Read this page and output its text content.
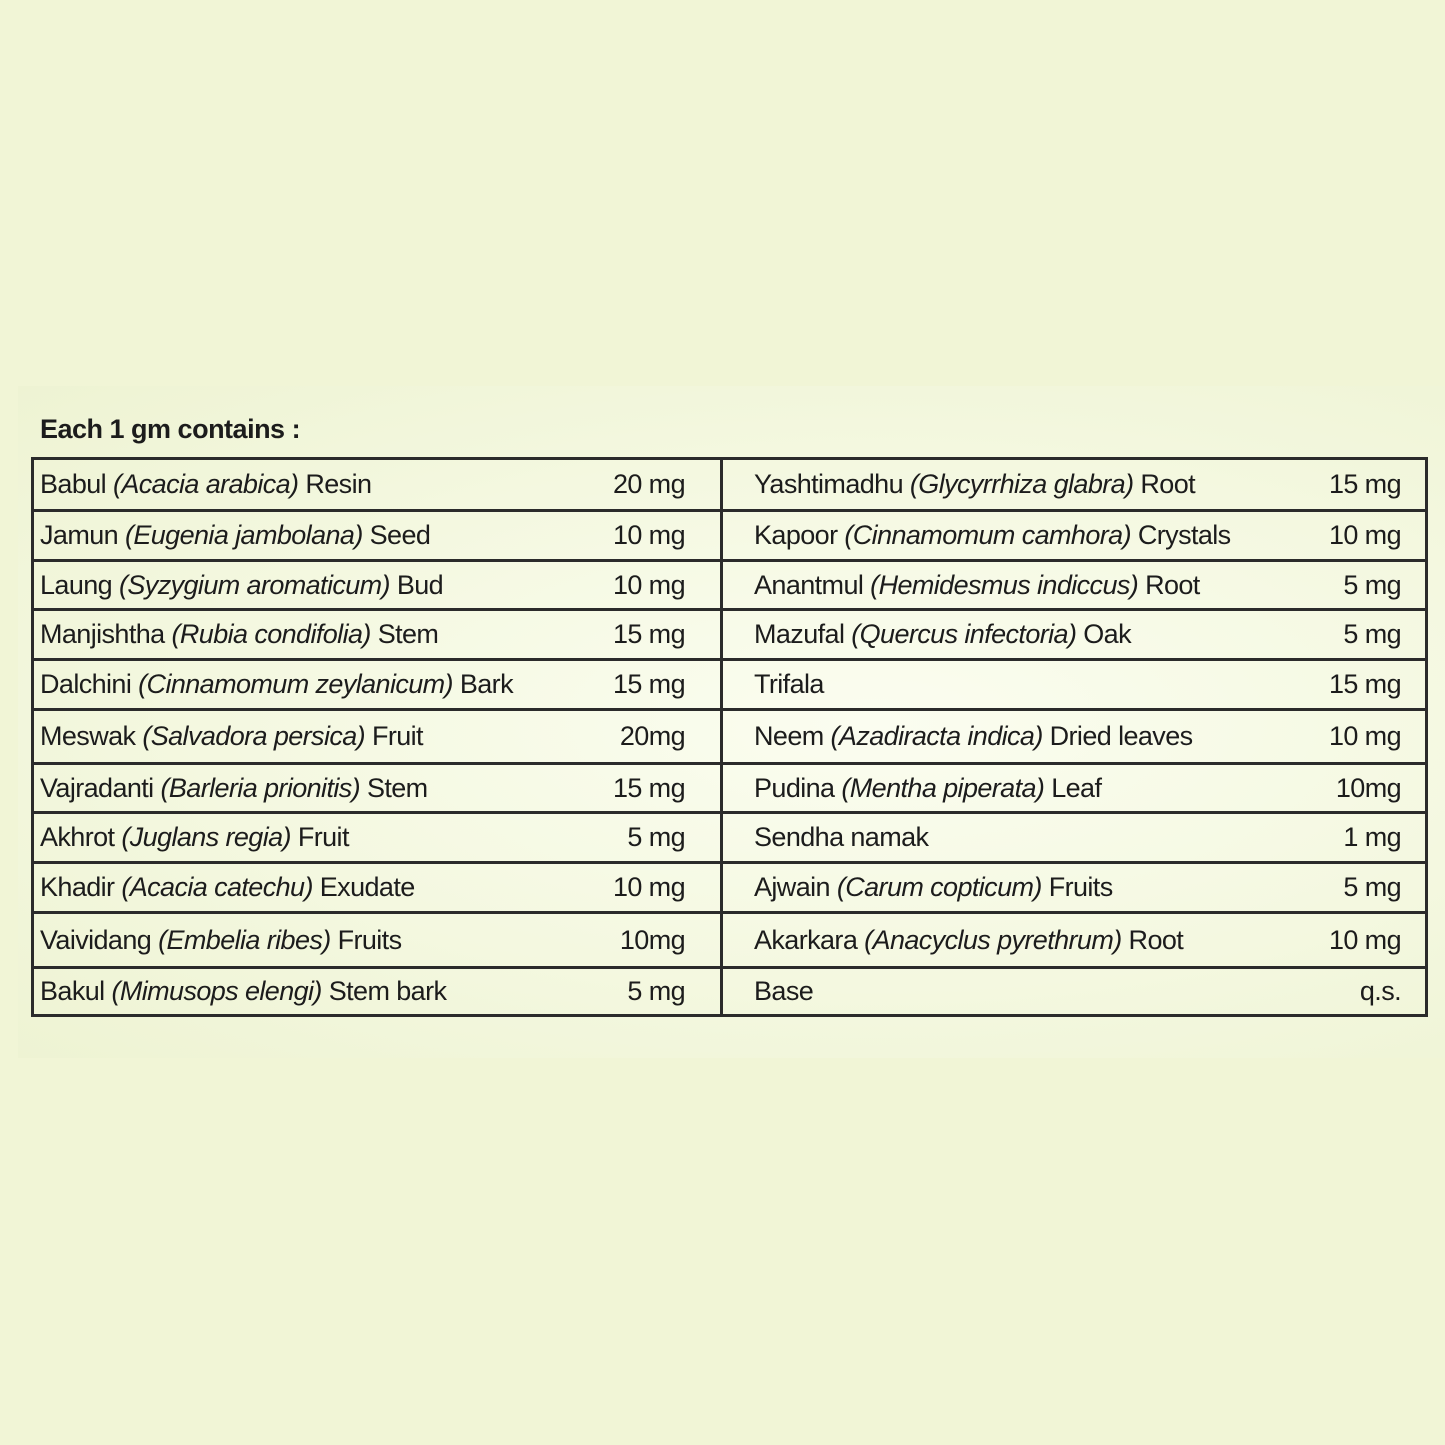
Each 1 gm contains :
Babul
(Acacia arabica)
Resin	20 mg
Jamun
(Eugenia jambolana)
Seed	10 mg
Laung
(Syzygium aromaticum)
Bud	10 mg
Manjishtha
(Rubia condifolia)
Stem	15 mg
Dalchini
(Cinnamomum zeylanicum)
Bark	15 mg
Meswak
(Salvadora persica)
Fruit	20mg
Vajradanti
(Barleria prionitis)
Stem	15 mg
Akhrot
(Juglans regia)
Fruit	5 mg
Khadir
(Acacia catechu)
Exudate	10 mg
Vaividang
(Embelia ribes)
Fruits	10mg
Bakul
(Mimusops elengi)
Stem bark	5 mg
Yashtimadhu
(Glycyrrhiza glabra)
Root	15 mg
Kapoor
(Cinnamomum camhora)
Crystals	10 mg
Anantmul
(Hemidesmus indiccus)
Root	5 mg
Mazufal
(Quercus infectoria)
Oak	5 mg
Trifala	15 mg
Neem
(Azadiracta indica)
Dried leaves	10 mg
Pudina
(Mentha piperata)
Leaf	10mg
Sendha namak	1 mg
Ajwain
(Carum copticum)
Fruits	5 mg
Akarkara
(Anacyclus pyrethrum)
Root	10 mg
Base	q.s.
